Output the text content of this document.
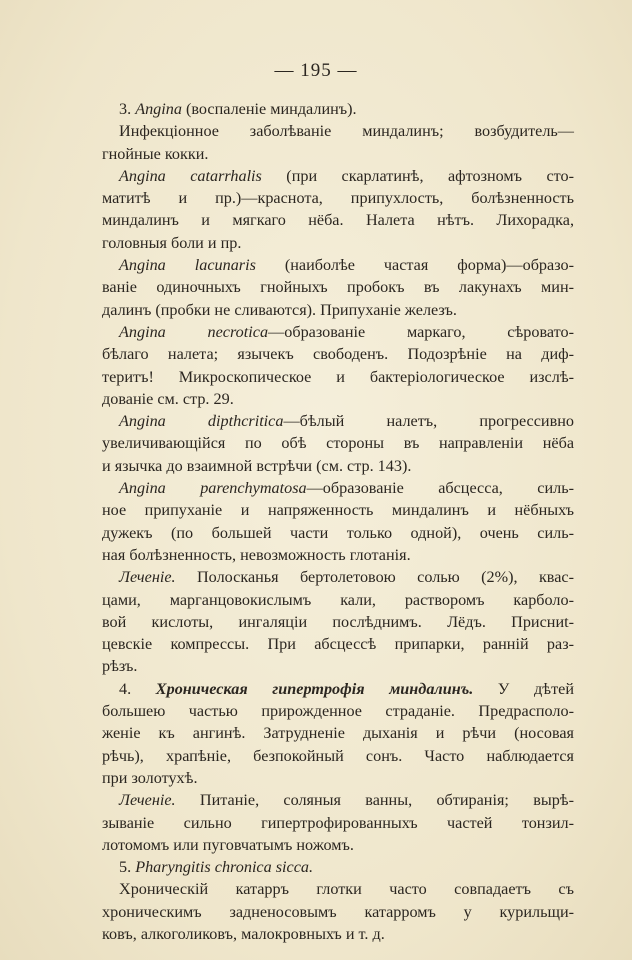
— 195 —
3. Angina (воспаленіе миндалинъ).
Инфекціонное заболѣваніе миндалинъ; возбудитель—
гнойные кокки.
Angina catarrhalis (при скарлатинѣ, афтозномъ сто-
матитѣ и пр.)—краснота, припухлость, болѣзненность
миндалинъ и мягкаго нёба. Налета нѣтъ. Лихорадка,
головныя боли и пр.
Angina lacunaris (наиболѣе частая форма)—образо-
ваніе одиночныхъ гнойныхъ пробокъ въ лакунахъ мин-
далинъ (пробки не сливаются). Припуханіе железъ.
Angina necrotica—образованіе маркаго, сѣровато-
бѣлаго налета; язычекъ свободенъ. Подозрѣніе на диф-
теритъ! Микроскопическое и бактеріологическое изслѣ-
дованіе см. стр. 29.
Angina dipthcritica—бѣлый налетъ, прогрессивно
увеличивающійся по обѣ стороны въ направленіи нёба
и язычка до взаимной встрѣчи (см. стр. 143).
Angina parenchymatosa—образованіе абсцесса, силь-
ное припуханіе и напряженность миндалинъ и нёбныхъ
дужекъ (по большей части только одной), очень силь-
ная болѣзненность, невозможность глотанія.
Леченіе. Полосканья бертолетовою солью (2%), квас-
цами, марганцовокислымъ кали, растворомъ карболо-
вой кислоты, ингаляціи послѣднимъ. Лёдъ. Присниt-
цевскіе компрессы. При абсцессѣ припарки, ранній раз-
рѣзъ.
4. Хроническая гипертрофія миндалинъ. У дѣтей
большею частью прирожденное страданіе. Предрасполо-
женіе къ ангинѣ. Затрудненіе дыханія и рѣчи (носовая
рѣчь), храпѣніе, безпокойный сонъ. Часто наблюдается
при золотухѣ.
Леченіе. Питаніе, соляныя ванны, обтиранія; вырѣ-
зываніе сильно гипертрофированныхъ частей тонзил-
лотомомъ или пуговчатымъ ножомъ.
5. Pharyngitis chronica sicca.
Хроническій катарръ глотки часто совпадаетъ съ
хроническимъ задненосовымъ катарромъ у курильщи-
ковъ, алкоголиковъ, малокровныхъ и т. д.
